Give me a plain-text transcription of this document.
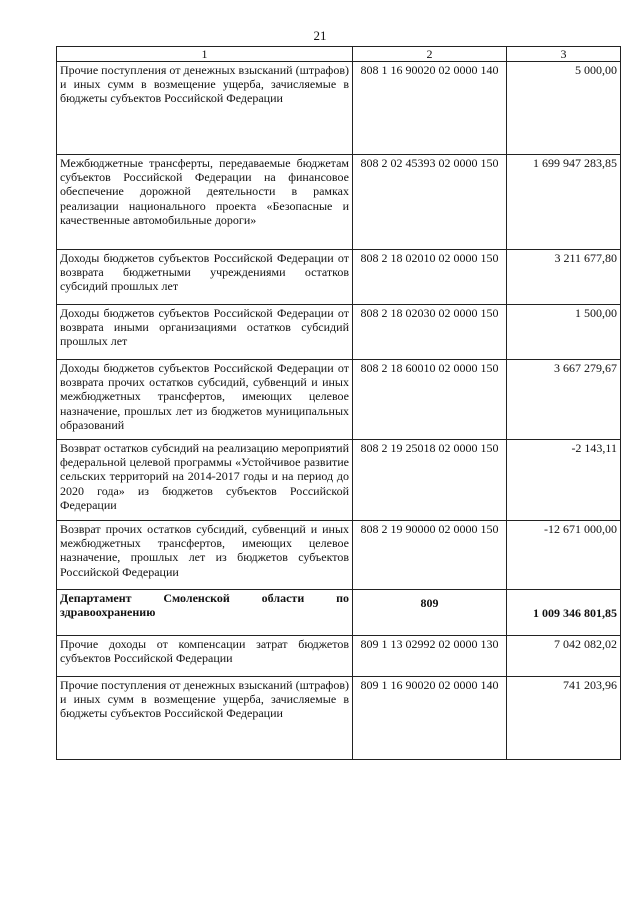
21
1	2	3
Прочие поступления от денежных взысканий (штрафов) и иных сумм в возмещение ущерба, зачисляемые в бюджеты субъектов Российской Федерации	808 1 16 90020 02 0000 140	5 000,00
Межбюджетные трансферты, передаваемые бюджетам субъектов Российской Федерации на финансовое обеспечение дорожной деятельности в рамках реализации национального проекта «Безопасные и качественные автомобильные дороги»	808 2 02 45393 02 0000 150	1 699 947 283,85
Доходы бюджетов субъектов Российской Федерации от возврата бюджетными учреждениями остатков субсидий прошлых лет	808 2 18 02010 02 0000 150	3 211 677,80
Доходы бюджетов субъектов Российской Федерации от возврата иными организациями остатков субсидий прошлых лет	808 2 18 02030 02 0000 150	1 500,00
Доходы бюджетов субъектов Российской Федерации от возврата прочих остатков субсидий, субвенций и иных межбюджетных трансфертов, имеющих целевое назначение, прошлых лет из бюджетов муниципальных образований	808 2 18 60010 02 0000 150	3 667 279,67
Возврат остатков субсидий на реализацию мероприятий федеральной целевой программы «Устойчивое развитие сельских территорий на 2014-2017 годы и на период до 2020 года» из бюджетов субъектов Российской Федерации	808 2 19 25018 02 0000 150	-2 143,11
Возврат прочих остатков субсидий, субвенций и иных межбюджетных трансфертов, имеющих целевое назначение, прошлых лет из бюджетов субъектов Российской Федерации	808 2 19 90000 02 0000 150	-12 671 000,00
Департамент Смоленской области по здравоохранению	809	1 009 346 801,85
Прочие доходы от компенсации затрат бюджетов субъектов Российской Федерации	809 1 13 02992 02 0000 130	7 042 082,02
Прочие поступления от денежных взысканий (штрафов) и иных сумм в возмещение ущерба, зачисляемые в бюджеты субъектов Российской Федерации	809 1 16 90020 02 0000 140	741 203,96
